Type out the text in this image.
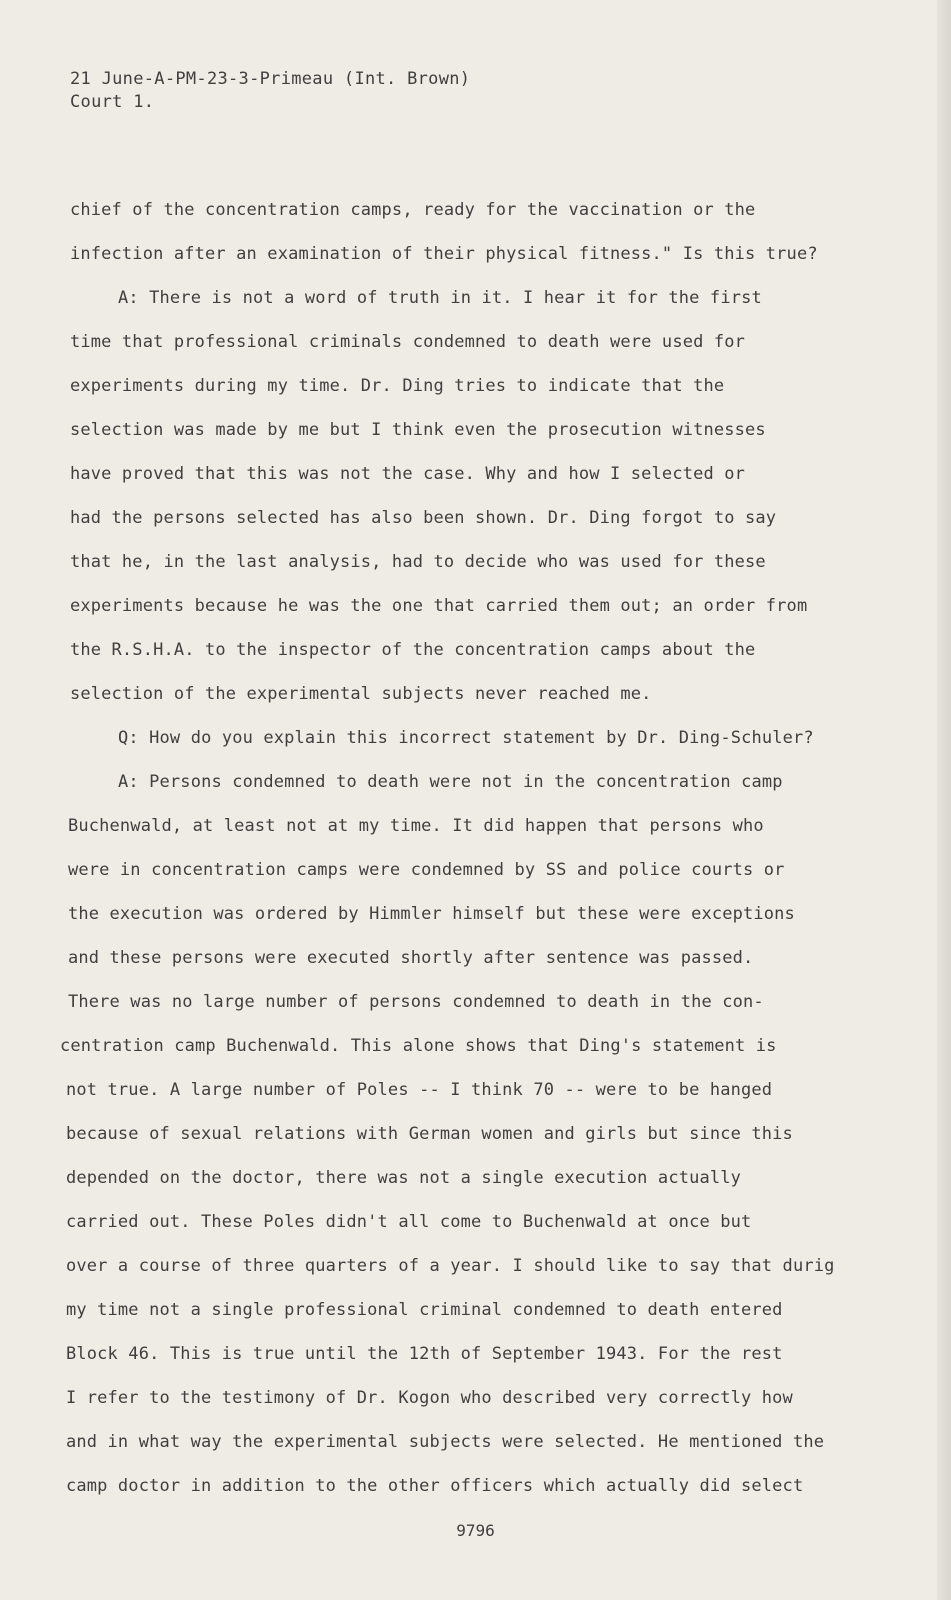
21 June-A-PM-23-3-Primeau (Int. Brown)
Court 1.
chief of the concentration camps, ready for the vaccination or the
infection after an examination of their physical fitness." Is this true?
A: There is not a word of truth in it. I hear it for the first
time that professional criminals condemned to death were used for
experiments during my time. Dr. Ding tries to indicate that the
selection was made by me but I think even the prosecution witnesses
have proved that this was not the case. Why and how I selected or
had the persons selected has also been shown. Dr. Ding forgot to say
that he, in the last analysis, had to decide who was used for these
experiments because he was the one that carried them out; an order from
the R.S.H.A. to the inspector of the concentration camps about the
selection of the experimental subjects never reached me.
Q: How do you explain this incorrect statement by Dr. Ding-Schuler?
A: Persons condemned to death were not in the concentration camp
Buchenwald, at least not at my time. It did happen that persons who
were in concentration camps were condemned by SS and police courts or
the execution was ordered by Himmler himself but these were exceptions
and these persons were executed shortly after sentence was passed.
There was no large number of persons condemned to death in the con-
centration camp Buchenwald. This alone shows that Ding's statement is
not true. A large number of Poles -- I think 70 -- were to be hanged
because of sexual relations with German women and girls but since this
depended on the doctor, there was not a single execution actually
carried out. These Poles didn't all come to Buchenwald at once but
over a course of three quarters of a year. I should like to say that durig
my time not a single professional criminal condemned to death entered
Block 46. This is true until the 12th of September 1943. For the rest
I refer to the testimony of Dr. Kogon who described very correctly how
and in what way the experimental subjects were selected. He mentioned the
camp doctor in addition to the other officers which actually did select
9796
